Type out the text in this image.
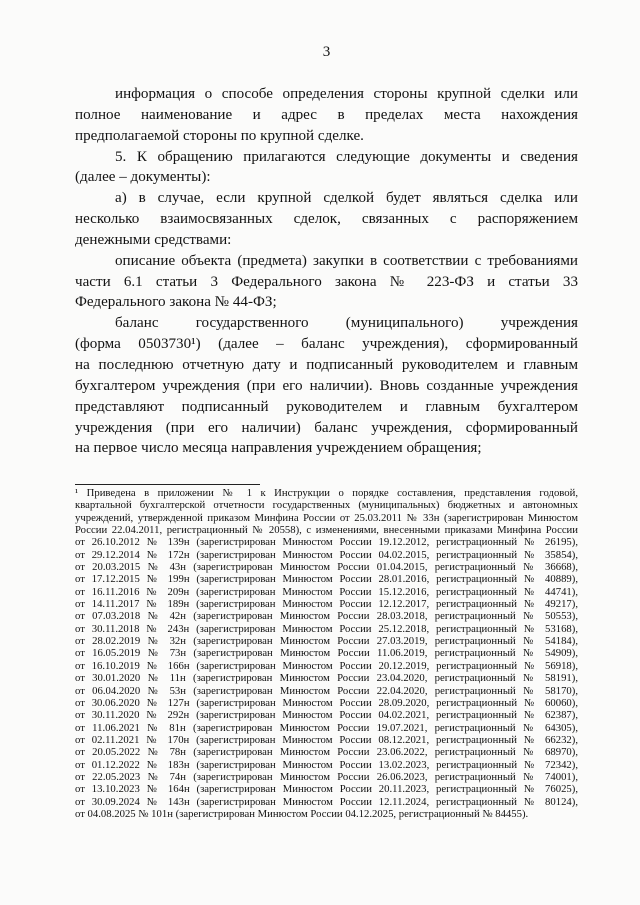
3
информация о способе определения стороны крупной сделки или
полное наименование и адрес в пределах места нахождения
предполагаемой стороны по крупной сделке.
5. К обращению прилагаются следующие документы и сведения
(далее – документы):
а) в случае, если крупной сделкой будет являться сделка или
несколько взаимосвязанных сделок, связанных с распоряжением
денежными средствами:
описание объекта (предмета) закупки в соответствии с требованиями
части 6.1 статьи 3 Федерального закона № 223-ФЗ и статьи 33
Федерального закона № 44-ФЗ;
баланс государственного (муниципального) учреждения
(форма 0503730¹) (далее – баланс учреждения), сформированный
на последнюю отчетную дату и подписанный руководителем и главным
бухгалтером учреждения (при его наличии). Вновь созданные учреждения
представляют подписанный руководителем и главным бухгалтером
учреждения (при его наличии) баланс учреждения, сформированный
на первое число месяца направления учреждением обращения;
¹ Приведена в приложении № 1 к Инструкции о порядке составления, представления годовой,
квартальной бухгалтерской отчетности государственных (муниципальных) бюджетных и автономных
учреждений, утвержденной приказом Минфина России от 25.03.2011 № 33н (зарегистрирован Минюстом
России 22.04.2011, регистрационный № 20558), с изменениями, внесенными приказами Минфина России
от 26.10.2012 № 139н (зарегистрирован Минюстом России 19.12.2012, регистрационный № 26195),
от 29.12.2014 № 172н (зарегистрирован Минюстом России 04.02.2015, регистрационный № 35854),
от 20.03.2015 № 43н (зарегистрирован Минюстом России 01.04.2015, регистрационный № 36668),
от 17.12.2015 № 199н (зарегистрирован Минюстом России 28.01.2016, регистрационный № 40889),
от 16.11.2016 № 209н (зарегистрирован Минюстом России 15.12.2016, регистрационный № 44741),
от 14.11.2017 № 189н (зарегистрирован Минюстом России 12.12.2017, регистрационный № 49217),
от 07.03.2018 № 42н (зарегистрирован Минюстом России 28.03.2018, регистрационный № 50553),
от 30.11.2018 № 243н (зарегистрирован Минюстом России 25.12.2018, регистрационный № 53168),
от 28.02.2019 № 32н (зарегистрирован Минюстом России 27.03.2019, регистрационный № 54184),
от 16.05.2019 № 73н (зарегистрирован Минюстом России 11.06.2019, регистрационный № 54909),
от 16.10.2019 № 166н (зарегистрирован Минюстом России 20.12.2019, регистрационный № 56918),
от 30.01.2020 № 11н (зарегистрирован Минюстом России 23.04.2020, регистрационный № 58191),
от 06.04.2020 № 53н (зарегистрирован Минюстом России 22.04.2020, регистрационный № 58170),
от 30.06.2020 № 127н (зарегистрирован Минюстом России 28.09.2020, регистрационный № 60060),
от 30.11.2020 № 292н (зарегистрирован Минюстом России 04.02.2021, регистрационный № 62387),
от 11.06.2021 № 81н (зарегистрирован Минюстом России 19.07.2021, регистрационный № 64305),
от 02.11.2021 № 170н (зарегистрирован Минюстом России 08.12.2021, регистрационный № 66232),
от 20.05.2022 № 78н (зарегистрирован Минюстом России 23.06.2022, регистрационный № 68970),
от 01.12.2022 № 183н (зарегистрирован Минюстом России 13.02.2023, регистрационный № 72342),
от 22.05.2023 № 74н (зарегистрирован Минюстом России 26.06.2023, регистрационный № 74001),
от 13.10.2023 № 164н (зарегистрирован Минюстом России 20.11.2023, регистрационный № 76025),
от 30.09.2024 № 143н (зарегистрирован Минюстом России 12.11.2024, регистрационный № 80124),
от 04.08.2025 № 101н (зарегистрирован Минюстом России 04.12.2025, регистрационный № 84455).
